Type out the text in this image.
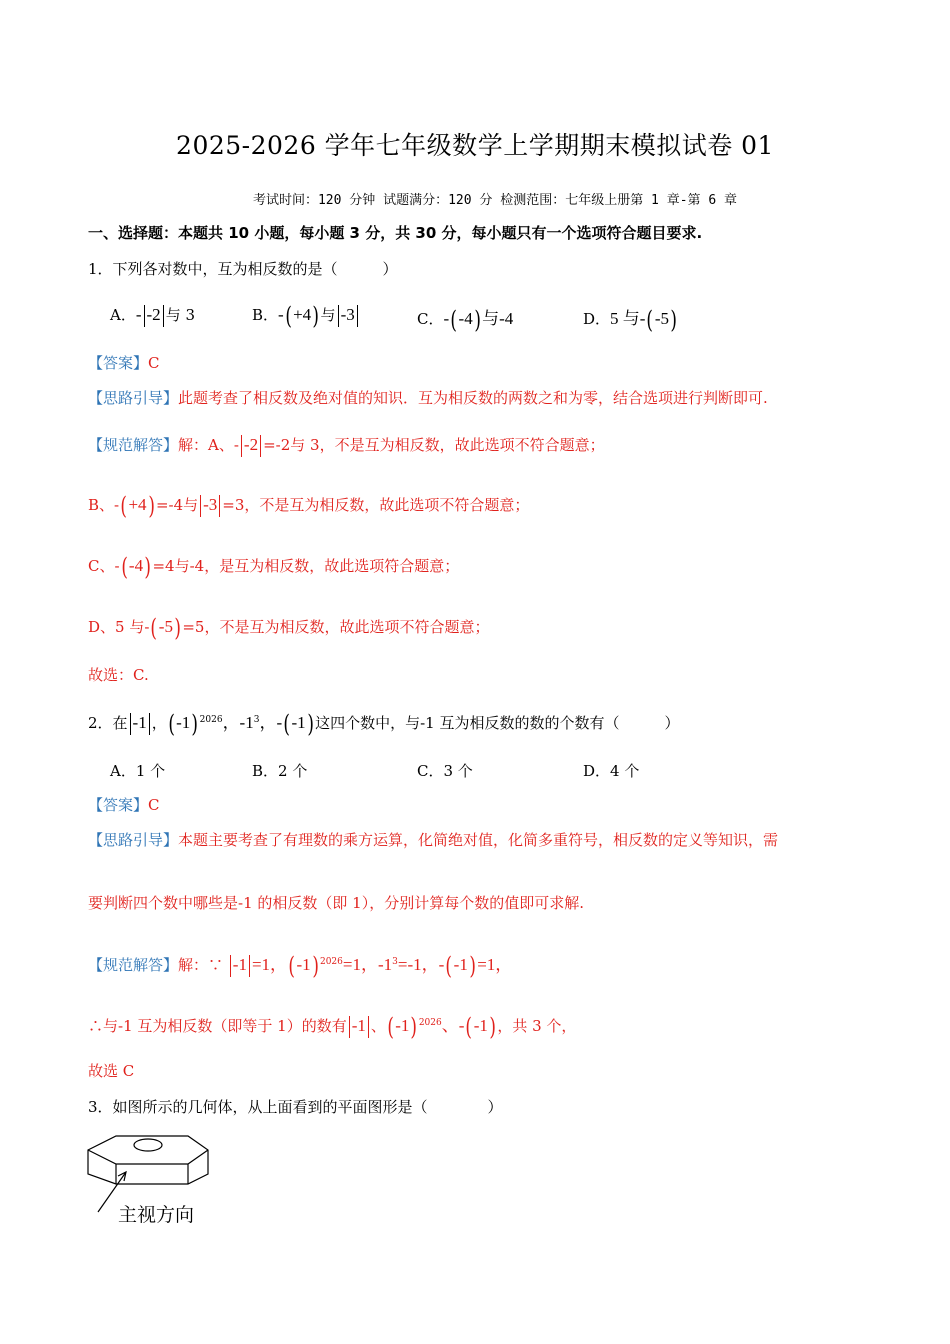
2025-2026 学年七年级数学上学期期末模拟试卷 01
考试时间：120 分钟 试题满分：120 分 检测范围：七年级上册第 1 章-第 6 章
一、选择题：本题共 10 小题，每小题 3 分，共 30 分，每小题只有一个选项符合题目要求.
1．下列各对数中，互为相反数的是（　　　）
A．- -2 与 3	B．-(+4)与 -3	C．-(-4)与-4	D．5 与-(-5)
【答案】C
【思路引导】此题考查了相反数及绝对值的知识．互为相反数的两数之和为零，结合选项进行判断即可.
【规范解答】解：A、- -2 =-2与 3，不是互为相反数，故此选项不符合题意；
B、-(+4)=-4与 -3 =3，不是互为相反数，故此选项不符合题意；
C、-(-4)=4与-4，是互为相反数，故此选项符合题意；
D、5 与-(-5)=5，不是互为相反数，故此选项不符合题意；
故选：C.
2．在 -1 ，$(-1)^{2026}$，$-1^3$，-(-1)这四个数中，与-1 互为相反数的数的个数有（　　　）
A．1 个	B．2 个	C．3 个	D．4 个
【答案】C
【思路引导】本题主要考查了有理数的乘方运算，化简绝对值，化简多重符号，相反数的定义等知识，需
要判断四个数中哪些是-1 的相反数（即 1），分别计算每个数的值即可求解.
【规范解答】解：∵ -1 =1，$(-1)^{2026}=1$，$-1^3=-1$，-(-1)=1，
∴与-1 互为相反数（即等于 1）的数有 -1 、$(-1)^{2026}$、-(-1)，共 3 个，
故选 C
3．如图所示的几何体，从上面看到的平面图形是（　　　　）
主视方向
